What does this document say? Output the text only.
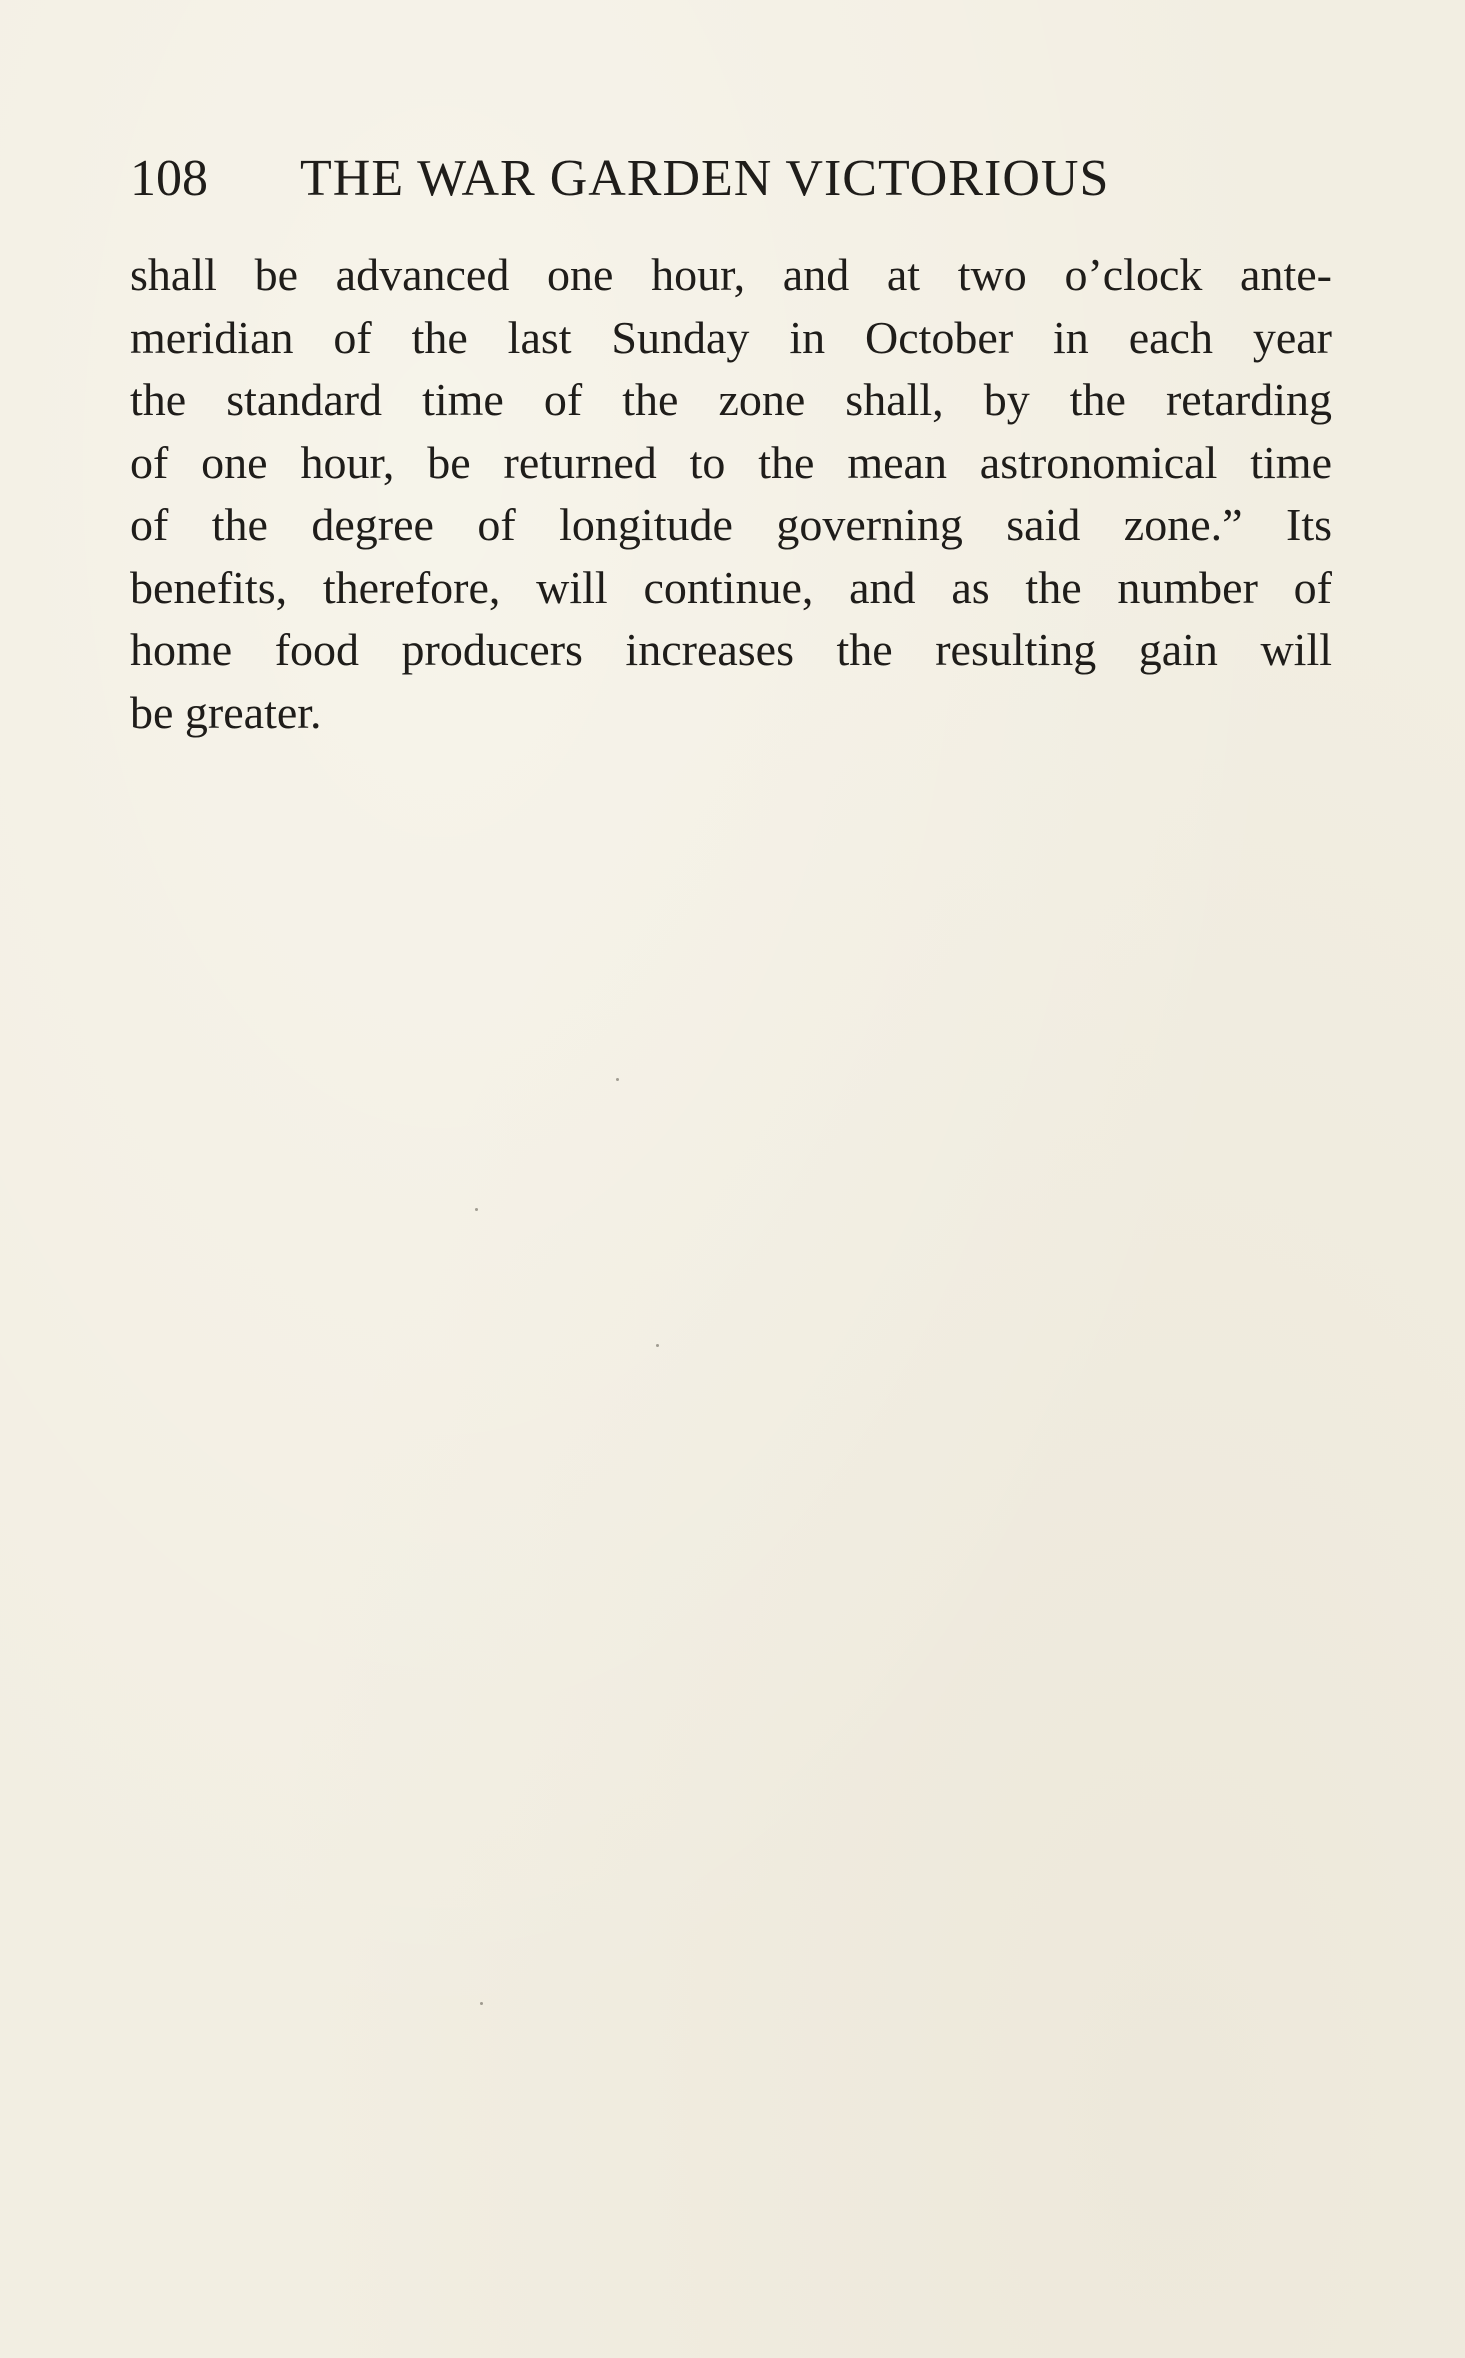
108 THE WAR GARDEN VICTORIOUS
shall be advanced one hour, and at two o’clock ante-
meridian of the last Sunday in October in each year
the standard time of the zone shall, by the retarding
of one hour, be returned to the mean astronomical time
of the degree of longitude governing said zone.” Its
benefits, therefore, will continue, and as the number of
home food producers increases the resulting gain will
be greater.
